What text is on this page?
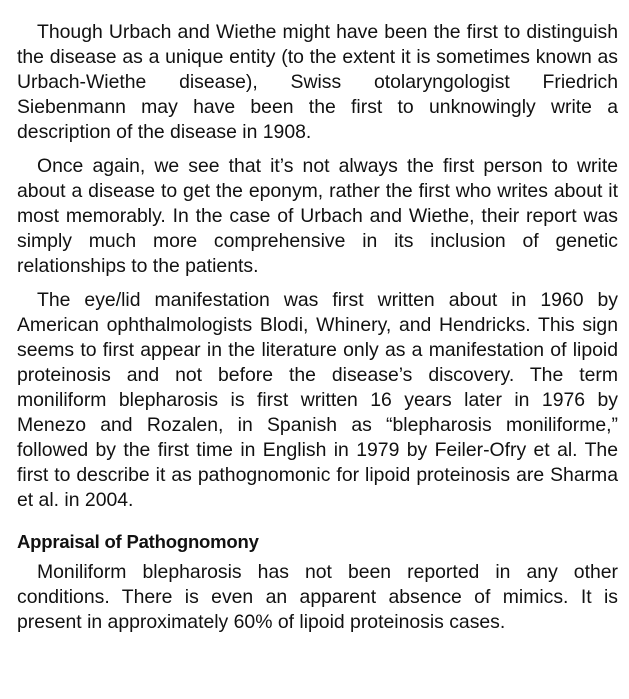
Though Urbach and Wiethe might have been the first to distinguish the disease as a unique entity (to the extent it is sometimes known as Urbach-Wiethe disease), Swiss otolaryngologist Friedrich Siebenmann may have been the first to unknowingly write a description of the disease in 1908.

Once again, we see that it’s not always the first person to write about a disease to get the eponym, rather the first who writes about it most memorably. In the case of Urbach and Wiethe, their report was simply much more comprehensive in its inclusion of genetic relationships to the patients.

The eye/lid manifestation was first written about in 1960 by American ophthalmologists Blodi, Whinery, and Hendricks. This sign seems to first appear in the literature only as a manifestation of lipoid proteinosis and not before the disease’s discovery. The term moniliform blepharosis is first written 16 years later in 1976 by Menezo and Rozalen, in Spanish as “blepharosis moniliforme,” followed by the first time in English in 1979 by Feiler-Ofry et al. The first to describe it as pathognomonic for lipoid proteinosis are Sharma et al. in 2004.

Appraisal of Pathognomony

Moniliform blepharosis has not been reported in any other conditions. There is even an apparent absence of mimics. It is present in approximately 60% of lipoid proteinosis cases.
